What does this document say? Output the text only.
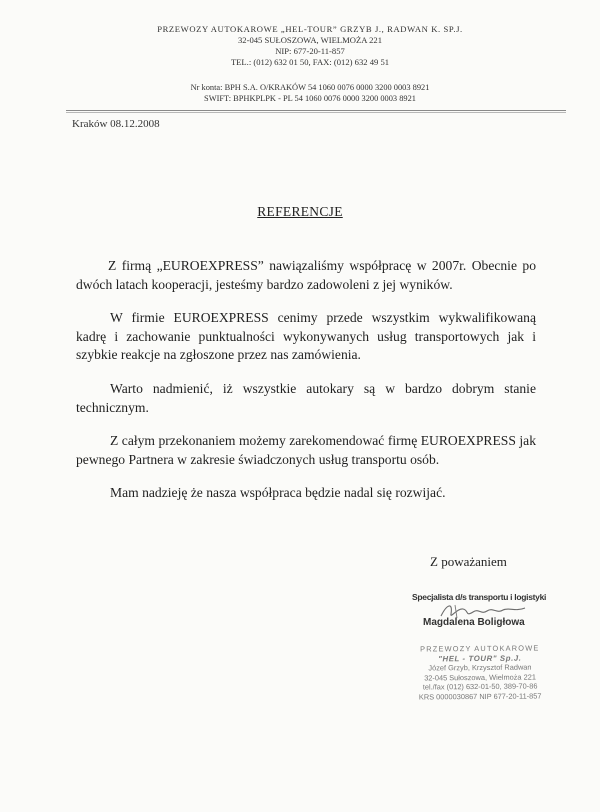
PRZEWOZY AUTOKAROWE „HEL-TOUR” GRZYB J., RADWAN K. SP.J.
32-045 SUŁOSZOWA, WIELMOŻA 221
NIP: 677-20-11-857
TEL.: (012) 632 01 50, FAX: (012) 632 49 51
Nr konta: BPH S.A. O/KRAKÓW 54 1060 0076 0000 3200 0003 8921
SWIFT: BPHKPLPK - PL 54 1060 0076 0000 3200 0003 8921
Kraków 08.12.2008
REFERENCJE

Z firmą „EUROEXPRESS” nawiązaliśmy współpracę w 2007r. Obecnie po dwóch latach kooperacji, jesteśmy bardzo zadowoleni z jej wyników.

W firmie EUROEXPRESS cenimy przede wszystkim wykwalifikowaną kadrę i zachowanie punktualności wykonywanych usług transportowych jak i szybkie reakcje na zgłoszone przez nas zamówienia.

Warto nadmienić, iż wszystkie autokary są w bardzo dobrym stanie technicznym.

Z całym przekonaniem możemy zarekomendować firmę EUROEXPRESS jak pewnego Partnera w zakresie świadczonych usług transportu osób.

Mam nadzieję że nasza współpraca będzie nadal się rozwijać.

Z poważaniem
Specjalista d/s transportu i logistyki
Magdalena Boligłowa
PRZEWOZY AUTOKAROWE
"HEL - TOUR" Sp.J.
Józef Grzyb, Krzysztof Radwan
32-045 Sułoszowa, Wielmoża 221
tel./fax (012) 632-01-50, 389-70-86
KRS 0000030867 NIP 677-20-11-857
